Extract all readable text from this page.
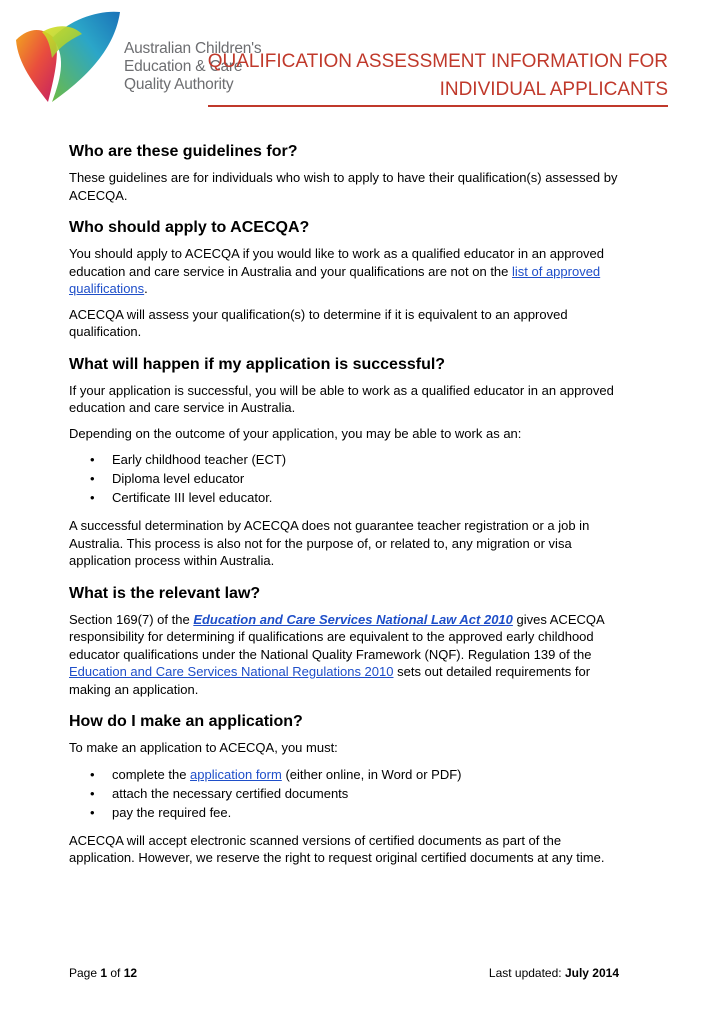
Australian Children's
Education & Care
Quality Authority
QUALIFICATION ASSESSMENT INFORMATION FOR
INDIVIDUAL APPLICANTS
Who are these guidelines for?

These guidelines are for individuals who wish to apply to have their qualification(s) assessed by ACECQA.

Who should apply to ACECQA?

You should apply to ACECQA if you would like to work as a qualified educator in an approved education and care service in Australia and your qualifications are not on the list of approved qualifications.

ACECQA will assess your qualification(s) to determine if it is equivalent to an approved qualification.

What will happen if my application is successful?

If your application is successful, you will be able to work as a qualified educator in an approved education and care service in Australia.

Depending on the outcome of your application, you may be able to work as an:

• Early childhood teacher (ECT)
• Diploma level educator
• Certificate III level educator.

A successful determination by ACECQA does not guarantee teacher registration or a job in Australia. This process is also not for the purpose of, or related to, any migration or visa application process within Australia.

What is the relevant law?

Section 169(7) of the Education and Care Services National Law Act 2010 gives ACECQA responsibility for determining if qualifications are equivalent to the approved early childhood educator qualifications under the National Quality Framework (NQF). Regulation 139 of the Education and Care Services National Regulations 2010 sets out detailed requirements for making an application.

How do I make an application?

To make an application to ACECQA, you must:

• complete the application form (either online, in Word or PDF)
• attach the necessary certified documents
• pay the required fee.

ACECQA will accept electronic scanned versions of certified documents as part of the application. However, we reserve the right to request original certified documents at any time.

Page 1 of 12	Last updated: July 2014
